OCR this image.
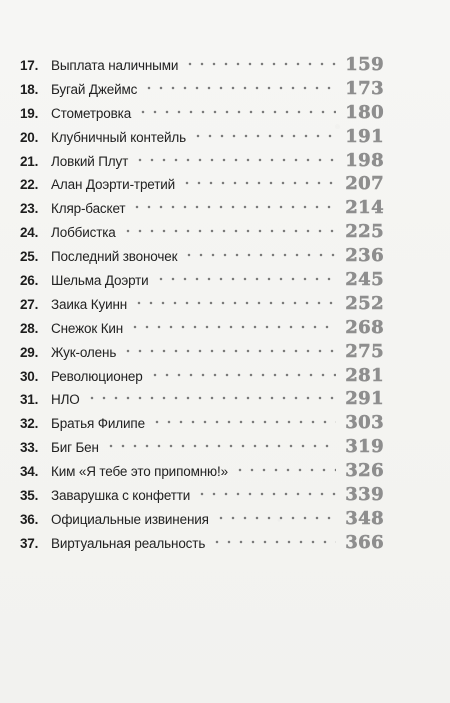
17. Выплата наличными	159
18. Бугай Джеймс	173
19. Стометровка	180
20. Клубничный контейль	191
21. Ловкий Плут	198
22. Алан Доэрти-третий	207
23. Кляр-баскет	214
24. Лоббистка	225
25. Последний звоночек	236
26. Шельма Доэрти	245
27. Заика Куинн	252
28. Снежок Кин	268
29. Жук-олень	275
30. Революционер	281
31. НЛО	291
32. Братья Филипе	303
33. Биг Бен	319
34. Ким «Я тебе это припомню!»	326
35. Заварушка с конфетти	339
36. Официальные извинения	348
37. Виртуальная реальность	366
